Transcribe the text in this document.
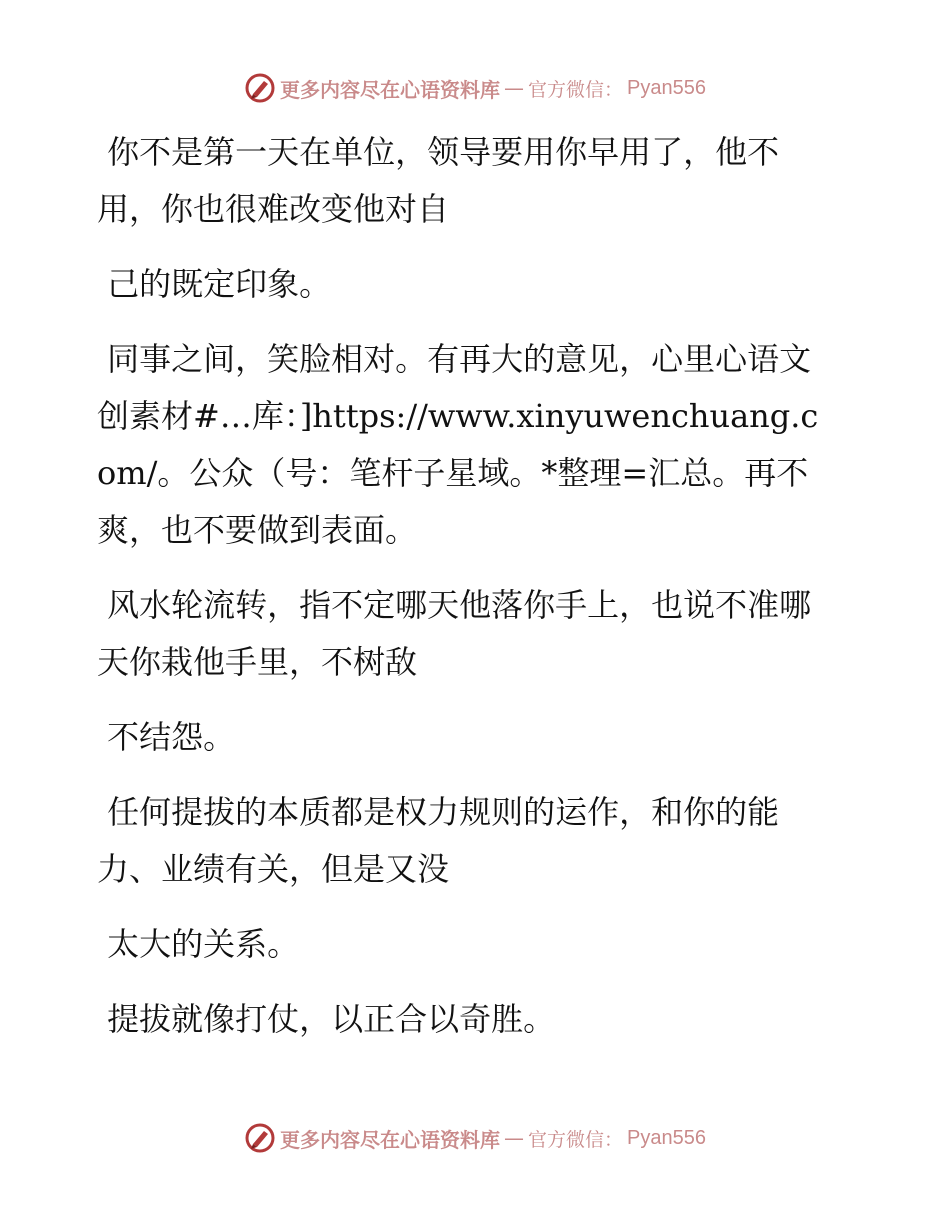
更多内容尽在心语资料库 — 官方微信： Pyan556

你不是第一天在单位，领导要用你早用了，他不用，你也很难改变他对自

己的既定印象。

同事之间，笑脸相对。有再大的意见，心里心语文创素材#…库：]https://www.xinyuwenchuang.com/。公众（号：笔杆子星域。*整理=汇总。再不爽，也不要做到表面。

风水轮流转，指不定哪天他落你手上，也说不准哪天你栽他手里，不树敌

不结怨。

任何提拔的本质都是权力规则的运作，和你的能力、业绩有关，但是又没

太大的关系。

提拔就像打仗，以正合以奇胜。

更多内容尽在心语资料库 — 官方微信： Pyan556
